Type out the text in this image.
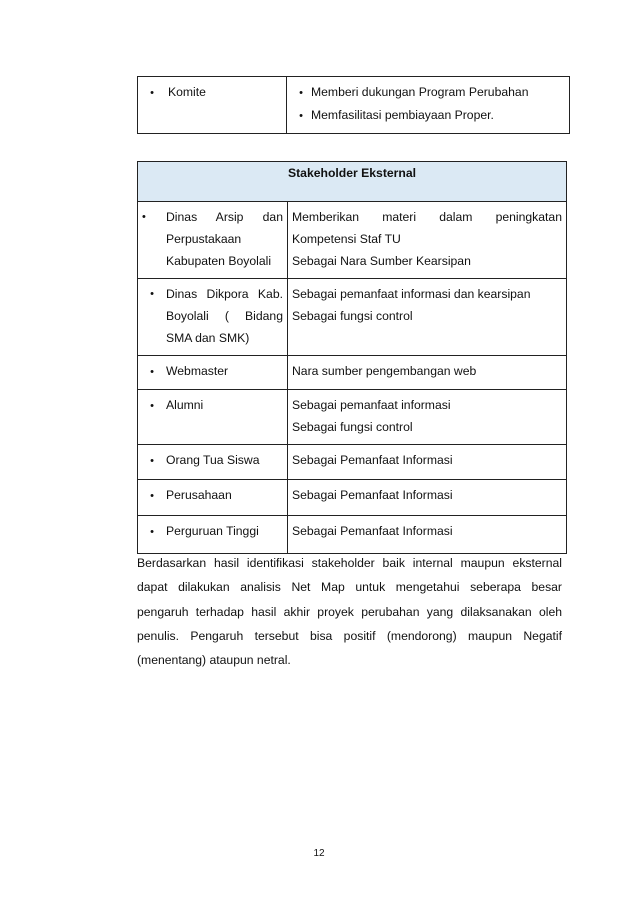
• Komite	• Memberi dukungan Program Perubahan
• Memfasilitasi pembiayaan Proper.
Stakeholder Eksternal	

• Dinas Arsip dan
Perpustakaan
Kabupaten Boyolali	Memberikan materi dalam peningkatan
Kompetensi Staf TU
Sebagai Nara Sumber Kearsipan

• Dinas Dikpora Kab.
Boyolali ( Bidang
SMA dan SMK)	Sebagai pemanfaat informasi dan kearsipan
Sebagai fungsi control

• Webmaster	Nara sumber pengembangan web

• Alumni	Sebagai pemanfaat informasi
Sebagai fungsi control

• Orang Tua Siswa	Sebagai Pemanfaat Informasi

• Perusahaan	Sebagai Pemanfaat Informasi

• Perguruan Tinggi	Sebagai Pemanfaat Informasi
Berdasarkan hasil identifikasi stakeholder baik internal maupun eksternal
dapat dilakukan analisis Net Map untuk mengetahui seberapa besar
pengaruh terhadap hasil akhir proyek perubahan yang dilaksanakan oleh
penulis. Pengaruh tersebut bisa positif (mendorong) maupun Negatif
(menentang) ataupun netral.
12
